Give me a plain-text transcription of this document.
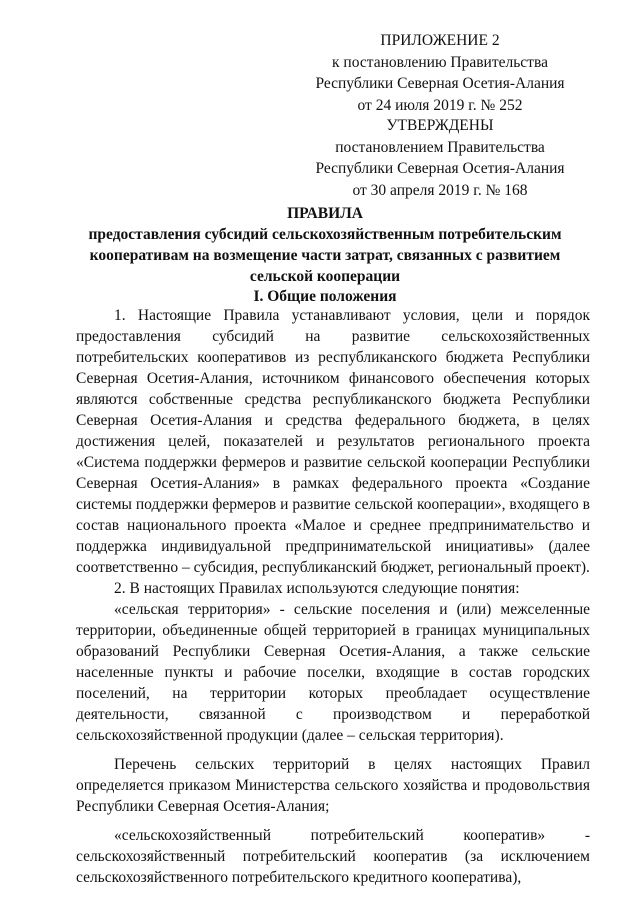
ПРИЛОЖЕНИЕ 2
к постановлению Правительства
Республики Северная Осетия-Алания
от 24 июля 2019 г. № 252
УТВЕРЖДЕНЫ
постановлением Правительства
Республики Северная Осетия-Алания
от 30 апреля 2019 г. № 168
ПРАВИЛА
предоставления субсидий сельскохозяйственным потребительским кооперативам на возмещение части затрат, связанных с развитием сельской кооперации
I. Общие положения

1. Настоящие Правила устанавливают условия, цели и порядок предоставления субсидий на развитие сельскохозяйственных потребительских кооперативов из республиканского бюджета Республики Северная Осетия-Алания, источником финансового обеспечения которых являются собственные средства республиканского бюджета Республики Северная Осетия-Алания и средства федерального бюджета, в целях достижения целей, показателей и результатов регионального проекта «Система поддержки фермеров и развитие сельской кооперации Республики Северная Осетия-Алания» в рамках федерального проекта «Создание системы поддержки фермеров и развитие сельской кооперации», входящего в состав национального проекта «Малое и среднее предпринимательство и поддержка индивидуальной предпринимательской инициативы» (далее соответственно – субсидия, республиканский бюджет, региональный проект).

2. В настоящих Правилах используются следующие понятия:

«сельская территория» - сельские поселения и (или) межселенные территории, объединенные общей территорией в границах муниципальных образований Республики Северная Осетия-Алания, а также сельские населенные пункты и рабочие поселки, входящие в состав городских поселений, на территории которых преобладает осуществление деятельности, связанной с производством и переработкой сельскохозяйственной продукции (далее – сельская территория).

Перечень сельских территорий в целях настоящих Правил определяется приказом Министерства сельского хозяйства и продовольствия Республики Северная Осетия-Алания;

«сельскохозяйственный потребительский кооператив» - сельскохозяйственный потребительский кооператив (за исключением сельскохозяйственного потребительского кредитного кооператива),
